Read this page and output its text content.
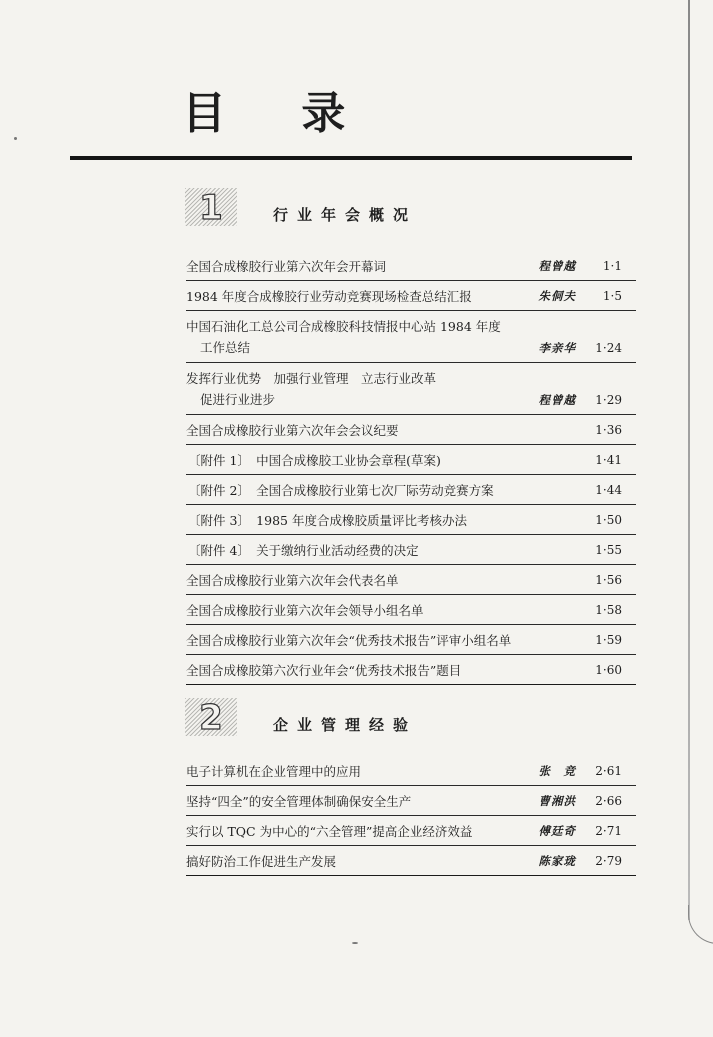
目 录
1	行业年会概况
全国合成橡胶行业第六次年会开幕词	程曾越 1·1
1984 年度合成橡胶行业劳动竞赛现场检查总结汇报	朱侗夫 1·5
中国石油化工总公司合成橡胶科技情报中心站 1984 年度
工作总结	李亲华 1·24
发挥行业优势　加强行业管理　立志行业改革
促进行业进步	程曾越 1·29
全国合成橡胶行业第六次年会会议纪要	1·36
〔附件 1〕　中国合成橡胶工业协会章程(草案)	1·41
〔附件 2〕　全国合成橡胶行业第七次厂际劳动竞赛方案	1·44
〔附件 3〕　1985 年度合成橡胶质量评比考核办法	1·50
〔附件 4〕　关于缴纳行业活动经费的决定	1·55
全国合成橡胶行业第六次年会代表名单	1·56
全国合成橡胶行业第六次年会领导小组名单	1·58
全国合成橡胶行业第六次年会“优秀技术报告”评审小组名单	1·59
全国合成橡胶第六次行业年会“优秀技术报告”题目	1·60
2	企业管理经验
电子计算机在企业管理中的应用	张　竞 2·61
坚持“四全”的安全管理体制确保安全生产	曹湘洪 2·66
实行以 TQC 为中心的“六全管理”提高企业经济效益	傅廷奇 2·71
搞好防治工作促进生产发展	陈家珑 2·79
